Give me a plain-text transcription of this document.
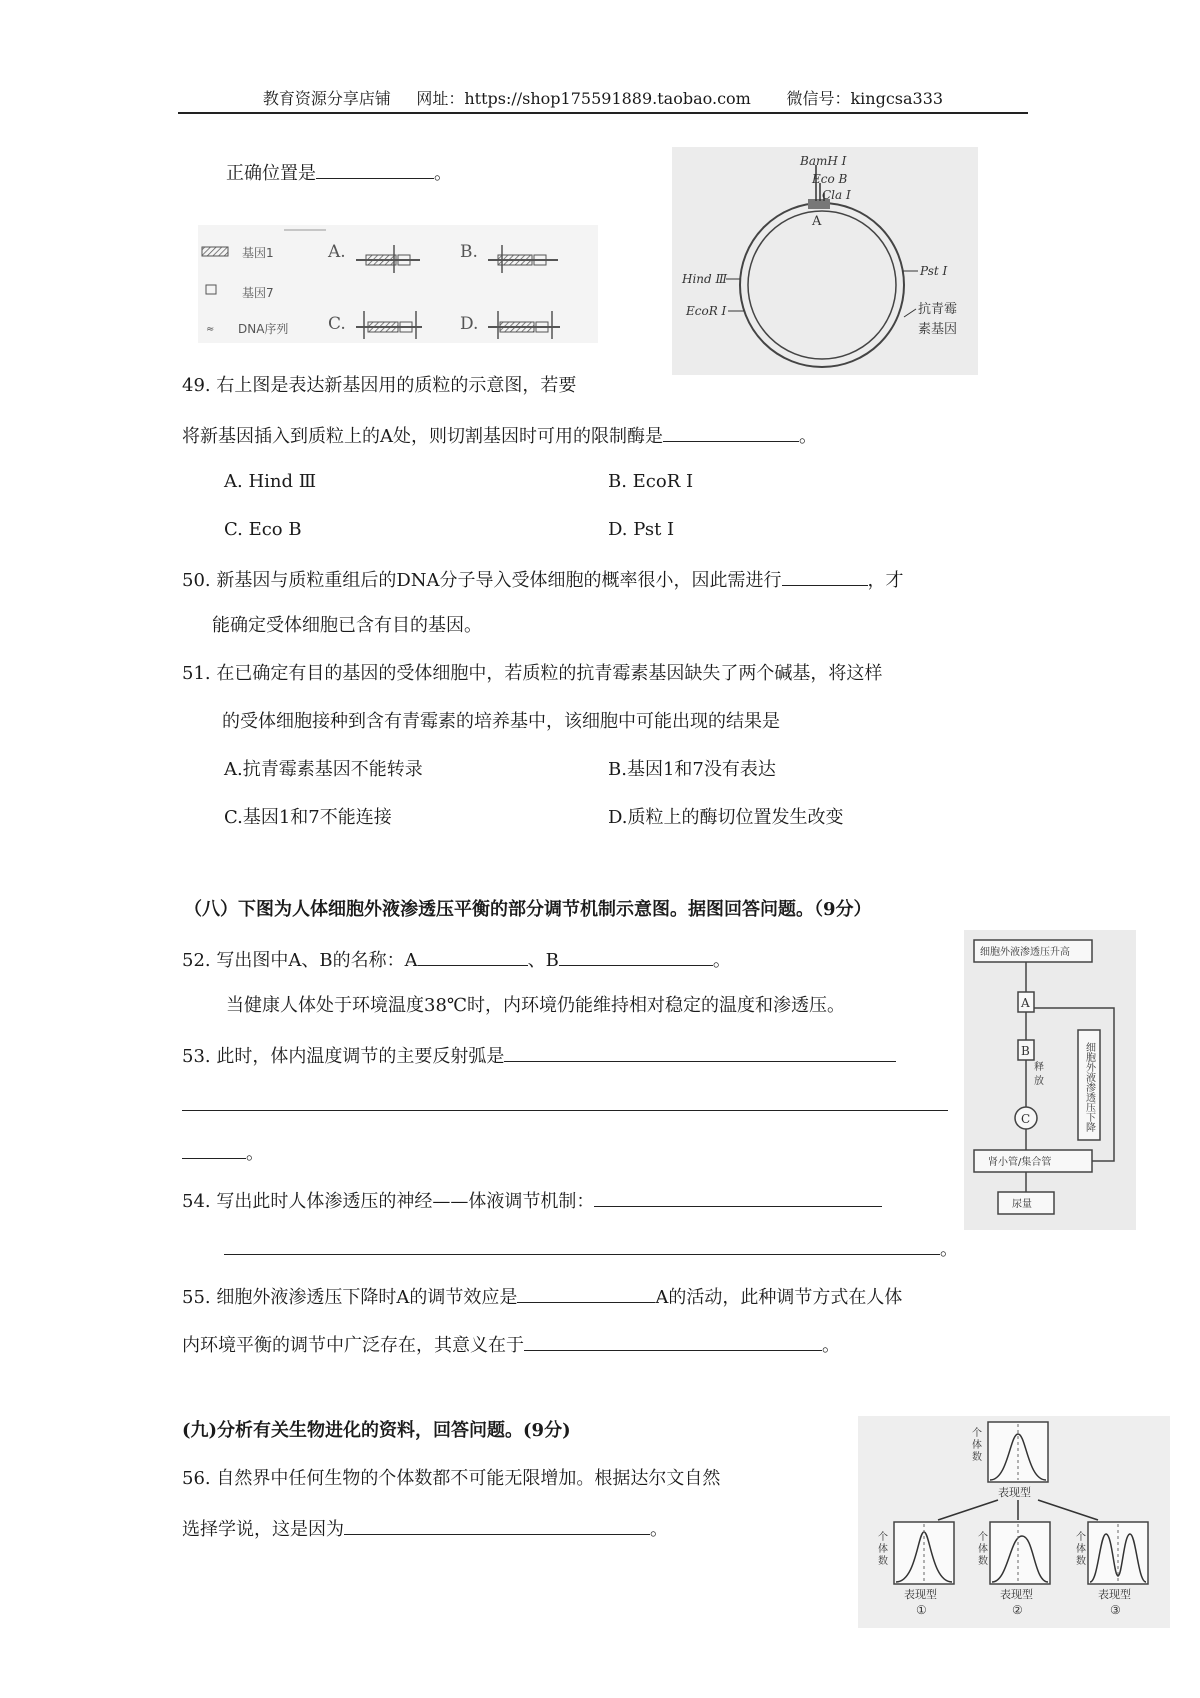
教育资源分享店铺 网址：https://shop175591889.taobao.com 微信号：kingcsa333
正确位置是	。
≈
基因1
基因7
DNA序列
A.	B.
C.	D.
BamH I
Eco B
Cla I
A
Pst I
Hind Ⅲ
EcoR I	抗青霉
素基因
49. 右上图是表达新基因用的质粒的示意图，若要
将新基因插入到质粒上的A处，则切割基因时可用的限制酶是	。
A. Hind Ⅲ	B. EcoR I
C. Eco B	D. Pst I
50. 新基因与质粒重组后的DNA分子导入受体细胞的概率很小，因此需进行	，才
能确定受体细胞已含有目的基因。
51. 在已确定有目的基因的受体细胞中，若质粒的抗青霉素基因缺失了两个碱基，将这样
的受体细胞接种到含有青霉素的培养基中，该细胞中可能出现的结果是
A.抗青霉素基因不能转录	B.基因1和7没有表达
C.基因1和7不能连接	D.质粒上的酶切位置发生改变
（八）下图为人体细胞外液渗透压平衡的部分调节机制示意图。据图回答问题。（9分）
52. 写出图中A、B的名称：A	、B	。
当健康人体处于环境温度38℃时，内环境仍能维持相对稳定的温度和渗透压。
53. 此时，体内温度调节的主要反射弧是
。
54. 写出此时人体渗透压的神经——体液调节机制：
。
55. 细胞外液渗透压下降时A的调节效应是	A的活动，此种调节方式在人体
内环境平衡的调节中广泛存在，其意义在于	。
细胞外液渗透压升高
A
B
释
放
C
肾小管/集合管
尿量
细胞外液渗透压下降
(九)分析有关生物进化的资料，回答问题。(9分)
56. 自然界中任何生物的个体数都不可能无限增加。根据达尔文自然
选择学说，这是因为	。
个
体
数
表现型
个
体
数
表现型
①
个
体
数
表现型
②
个
体
数
表现型
③
